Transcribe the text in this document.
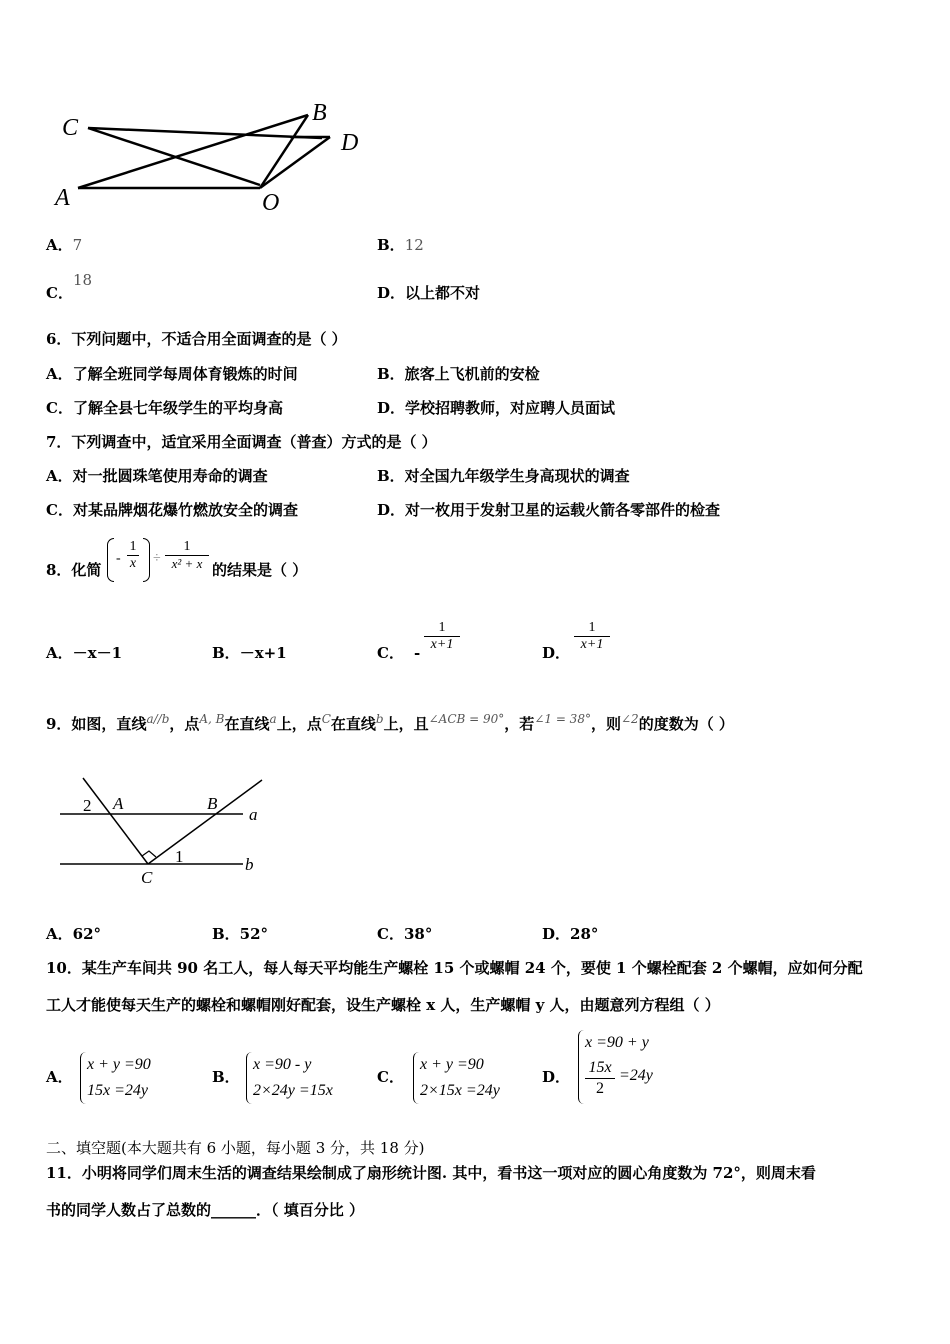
C
B
D
A	O
A．7	B．12
C．18
D．以上都不对
6．下列问题中，不适合用全面调查的是（ ）
A．了解全班同学每周体育锻炼的时间	B．旅客上飞机前的安检
C．了解全县七年级学生的平均身高	D．学校招聘教师，对应聘人员面试
7．下列调查中，适宜采用全面调查（普查）方式的是（ ）
A．对一批圆珠笔使用寿命的调查	B．对全国九年级学生身高现状的调查
C．对某品牌烟花爆竹燃放安全的调查	D．对一枚用于发射卫星的运载火箭各零部件的检查
8．化简
- $\frac{1}{x} \div \frac{1}{\text{x² + x}}$ 的结果是（ ）
A．－x－1	B．－x+1	C． - $\frac{1}{x+1}$	D． $\frac{1}{x+1}$
9．如图，直线$^{a//b}$，点$^{A, B}$在直线$^a$上，点$^C$在直线$^b$上，且$^{\angle ACB = 90^\circ}$，若$^{\angle 1 = 38^\circ}$，则$^{\angle 2}$的度数为（ ）
2 A	B
a
1	b
C
A．62°	B．52°	C．38°	D．28°
10．某生产车间共 90 名工人，每人每天平均能生产螺栓 15 个或螺帽 24 个，要使 1 个螺栓配套 2 个螺帽，应如何分配
工人才能使每天生产的螺栓和螺帽刚好配套，设生产螺栓 x 人，生产螺帽 y 人，由题意列方程组（ ）
A．
x + y =90
15x =24y
B．
x =90 - y
2×24y =15x
C．
x + y =90
2×15x =24y
D．
x =90 + y
$\frac{15x}{2} =24y$
二、填空题(本大题共有 6 小题，每小题 3 分，共 18 分)
11．小明将同学们周末生活的调查结果绘制成了扇形统计图. 其中，看书这一项对应的圆心角度数为 72°，则周末看
书的同学人数占了总数的______．（ 填百分比 ）
